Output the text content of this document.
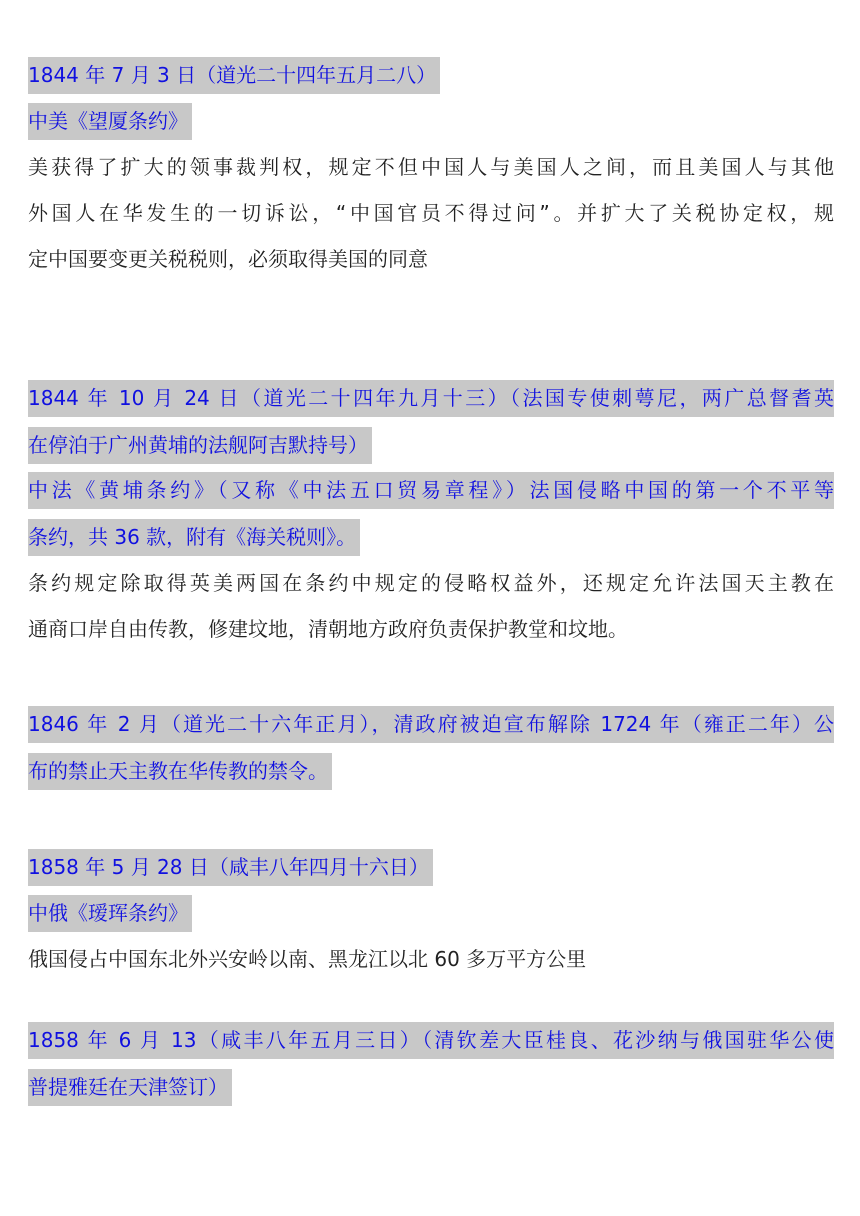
1844 年 7 月 3 日（道光二十四年五月二八）
中美《望厦条约》
美获得了扩大的领事裁判权，规定不但中国人与美国人之间，而且美国人与其他
外国人在华发生的一切诉讼，“中国官员不得过问”。并扩大了关税协定权，规
定中国要变更关税税则，必须取得美国的同意
1844 年 10 月 24 日（道光二十四年九月十三）（法国专使刺萼尼，两广总督耆英
在停泊于广州黄埔的法舰阿吉默持号）
中法《黄埔条约》（又称《中法五口贸易章程》）法国侵略中国的第一个不平等
条约，共 36 款，附有《海关税则》。
条约规定除取得英美两国在条约中规定的侵略权益外，还规定允许法国天主教在
通商口岸自由传教，修建坟地，清朝地方政府负责保护教堂和坟地。
1846 年 2 月（道光二十六年正月），清政府被迫宣布解除 1724 年（雍正二年）公
布的禁止天主教在华传教的禁令。
1858 年 5 月 28 日（咸丰八年四月十六日）
中俄《瑷珲条约》
俄国侵占中国东北外兴安岭以南、黑龙江以北 60 多万平方公里
1858 年 6 月 13（咸丰八年五月三日）（清钦差大臣桂良、花沙纳与俄国驻华公使
普提雅廷在天津签订）
